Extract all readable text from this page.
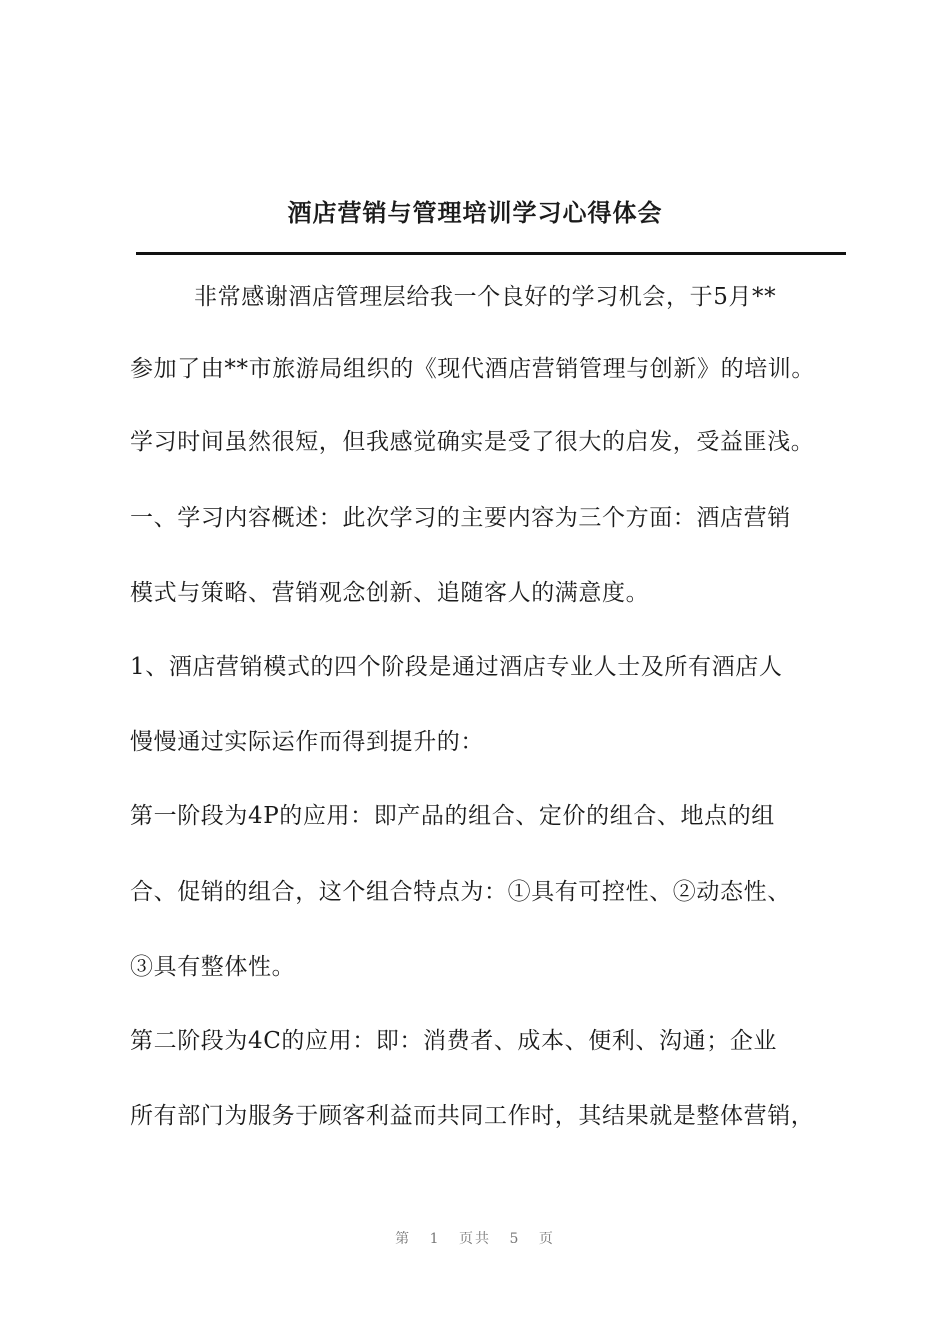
酒店营销与管理培训学习心得体会
非常感谢酒店管理层给我一个良好的学习机会，于5月**
参加了由**市旅游局组织的《现代酒店营销管理与创新》的培训。
学习时间虽然很短，但我感觉确实是受了很大的启发，受益匪浅。
一、学习内容概述：此次学习的主要内容为三个方面：酒店营销
模式与策略、营销观念创新、追随客人的满意度。
1、酒店营销模式的四个阶段是通过酒店专业人士及所有酒店人
慢慢通过实际运作而得到提升的：
第一阶段为4P的应用：即产品的组合、定价的组合、地点的组
合、促销的组合，这个组合特点为：①具有可控性、②动态性、
③具有整体性。
第二阶段为4C的应用：即：消费者、成本、便利、沟通；企业
所有部门为服务于顾客利益而共同工作时，其结果就是整体营销，
第 1 页共 5 页
